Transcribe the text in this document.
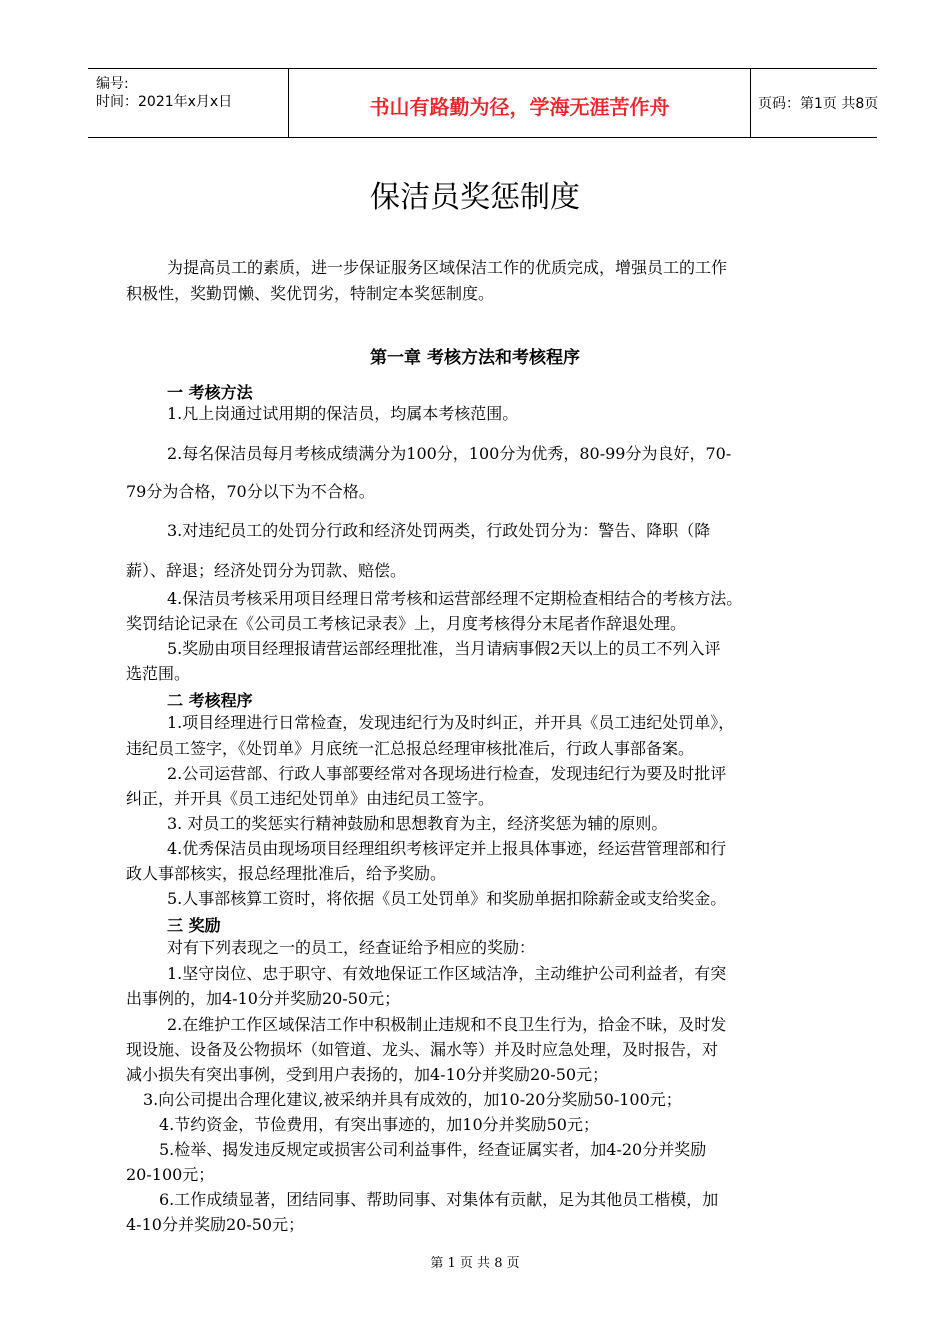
编号:
时间：2021年x月x日	书山有路勤为径，学海无涯苦作舟	页码：第1页 共8页
保洁员奖惩制度
为提高员工的素质，进一步保证服务区域保洁工作的优质完成，增强员工的工作
积极性，奖勤罚懒、奖优罚劣，特制定本奖惩制度。
第一章 考核方法和考核程序
一 考核方法
1.凡上岗通过试用期的保洁员，均属本考核范围。
2.每名保洁员每月考核成绩满分为100分，100分为优秀，80-99分为良好，70-
79分为合格，70分以下为不合格。
3.对违纪员工的处罚分行政和经济处罚两类，行政处罚分为：警告、降职（降
薪）、辞退；经济处罚分为罚款、赔偿。
4.保洁员考核采用项目经理日常考核和运营部经理不定期检查相结合的考核方法。
奖罚结论记录在《公司员工考核记录表》上，月度考核得分末尾者作辞退处理。
5.奖励由项目经理报请营运部经理批准，当月请病事假2天以上的员工不列入评
选范围。
二 考核程序
1.项目经理进行日常检查，发现违纪行为及时纠正，并开具《员工违纪处罚单》，
违纪员工签字，《处罚单》月底统一汇总报总经理审核批准后，行政人事部备案。
2.公司运营部、行政人事部要经常对各现场进行检查，发现违纪行为要及时批评
纠正，并开具《员工违纪处罚单》由违纪员工签字。
3. 对员工的奖惩实行精神鼓励和思想教育为主，经济奖惩为辅的原则。
4.优秀保洁员由现场项目经理组织考核评定并上报具体事迹，经运营管理部和行
政人事部核实，报总经理批准后，给予奖励。
5.人事部核算工资时，将依据《员工处罚单》和奖励单据扣除薪金或支给奖金。
三 奖励
对有下列表现之一的员工，经查证给予相应的奖励：
1.坚守岗位、忠于职守、有效地保证工作区域洁净，主动维护公司利益者，有突
出事例的，加4-10分并奖励20-50元；
2.在维护工作区域保洁工作中积极制止违规和不良卫生行为，拾金不昧，及时发
现设施、设备及公物损坏（如管道、龙头、漏水等）并及时应急处理，及时报告，对
减小损失有突出事例，受到用户表扬的，加4-10分并奖励20-50元；
3.向公司提出合理化建议,被采纳并具有成效的，加10-20分奖励50-100元；
4.节约资金，节俭费用，有突出事迹的，加10分并奖励50元；
5.检举、揭发违反规定或损害公司利益事件，经查证属实者，加4-20分并奖励
20-100元；
6.工作成绩显著，团结同事、帮助同事、对集体有贡献，足为其他员工楷模，加
4-10分并奖励20-50元；
第 1 页 共 8 页
